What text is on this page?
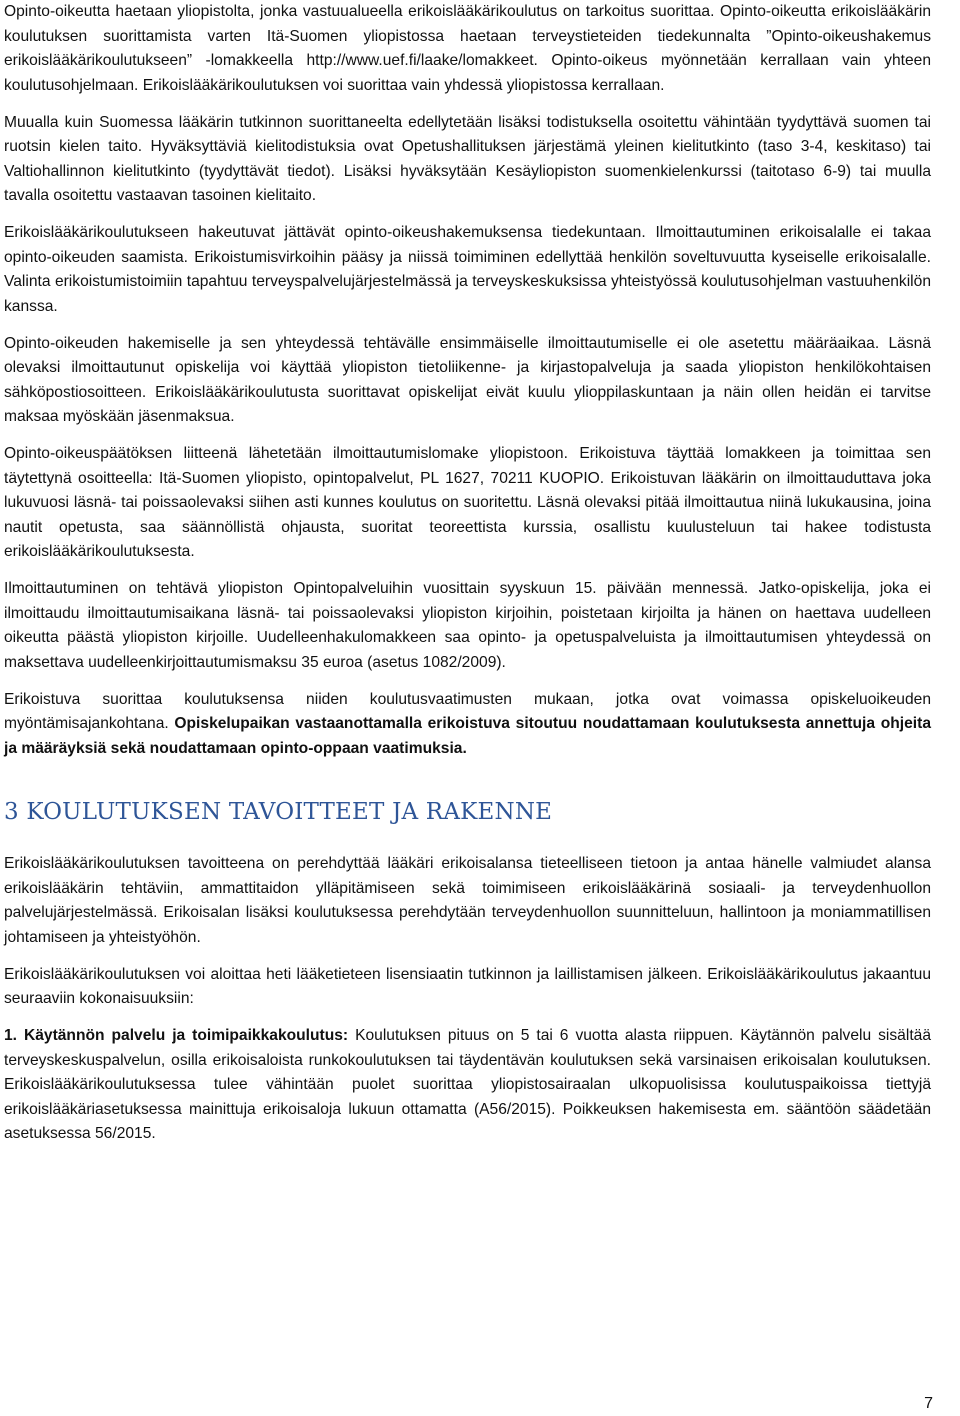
Opinto-oikeutta haetaan yliopistolta, jonka vastuualueella erikoislääkärikoulutus on tarkoitus suorittaa. Opinto-oikeutta erikoislääkärin koulutuksen suorittamista varten Itä-Suomen yliopistossa haetaan terveystieteiden tiedekunnalta ”Opinto-oikeushakemus erikoislääkärikoulutukseen” -lomakkeella http://www.uef.fi/laake/lomakkeet. Opinto-oikeus myönnetään kerrallaan vain yhteen koulutusohjelmaan. Erikoislääkärikoulutuksen voi suorittaa vain yhdessä yliopistossa kerrallaan.

Muualla kuin Suomessa lääkärin tutkinnon suorittaneelta edellytetään lisäksi todistuksella osoitettu vähintään tyydyttävä suomen tai ruotsin kielen taito. Hyväksyttäviä kielitodistuksia ovat Opetushallituksen järjestämä yleinen kielitutkinto (taso 3-4, keskitaso) tai Valtiohallinnon kielitutkinto (tyydyttävät tiedot). Lisäksi hyväksytään Kesäyliopiston suomenkielenkurssi (taitotaso 6-9) tai muulla tavalla osoitettu vastaavan tasoinen kielitaito.

Erikoislääkärikoulutukseen hakeutuvat jättävät opinto-oikeushakemuksensa tiedekuntaan. Ilmoittautuminen erikoisalalle ei takaa opinto-oikeuden saamista. Erikoistumisvirkoihin pääsy ja niissä toimiminen edellyttää henkilön soveltuvuutta kyseiselle erikoisalalle. Valinta erikoistumistoimiin tapahtuu terveyspalvelujärjestelmässä ja terveyskeskuksissa yhteistyössä koulutusohjelman vastuuhenkilön kanssa.

Opinto-oikeuden hakemiselle ja sen yhteydessä tehtävälle ensimmäiselle ilmoittautumiselle ei ole asetettu määräaikaa. Läsnä olevaksi ilmoittautunut opiskelija voi käyttää yliopiston tietoliikenne- ja kirjastopalveluja ja saada yliopiston henkilökohtaisen sähköpostiosoitteen. Erikoislääkärikoulutusta suorittavat opiskelijat eivät kuulu ylioppilaskuntaan ja näin ollen heidän ei tarvitse maksaa myöskään jäsenmaksua.

Opinto-oikeuspäätöksen liitteenä lähetetään ilmoittautumislomake yliopistoon. Erikoistuva täyttää lomakkeen ja toimittaa sen täytettynä osoitteella: Itä-Suomen yliopisto, opintopalvelut, PL 1627, 70211 KUOPIO. Erikoistuvan lääkärin on ilmoittauduttava joka lukuvuosi läsnä- tai poissaolevaksi siihen asti kunnes koulutus on suoritettu. Läsnä olevaksi pitää ilmoittautua niinä lukukausina, joina nautit opetusta, saa säännöllistä ohjausta, suoritat teoreettista kurssia, osallistu kuulusteluun tai hakee todistusta erikoislääkärikoulutuksesta.

Ilmoittautuminen on tehtävä yliopiston Opintopalveluihin vuosittain syyskuun 15. päivään mennessä. Jatko-opiskelija, joka ei ilmoittaudu ilmoittautumisaikana läsnä- tai poissaolevaksi yliopiston kirjoihin, poistetaan kirjoilta ja hänen on haettava uudelleen oikeutta päästä yliopiston kirjoille. Uudelleenhakulomakkeen saa opinto- ja opetuspalveluista ja ilmoittautumisen yhteydessä on maksettava uudelleenkirjoittautumismaksu 35 euroa (asetus 1082/2009).

Erikoistuva suorittaa koulutuksensa niiden koulutusvaatimusten mukaan, jotka ovat voimassa opiskeluoikeuden myöntämisajankohtana. Opiskelupaikan vastaanottamalla erikoistuva sitoutuu noudattamaan koulutuksesta annettuja ohjeita ja määräyksiä sekä noudattamaan opinto-oppaan vaatimuksia.

3 KOULUTUKSEN TAVOITTEET JA RAKENNE

Erikoislääkärikoulutuksen tavoitteena on perehdyttää lääkäri erikoisalansa tieteelliseen tietoon ja antaa hänelle valmiudet alansa erikoislääkärin tehtäviin, ammattitaidon ylläpitämiseen sekä toimimiseen erikoislääkärinä sosiaali- ja terveydenhuollon palvelujärjestelmässä. Erikoisalan lisäksi koulutuksessa perehdytään terveydenhuollon suunnitteluun, hallintoon ja moniammatillisen johtamiseen ja yhteistyöhön.

Erikoislääkärikoulutuksen voi aloittaa heti lääketieteen lisensiaatin tutkinnon ja laillistamisen jälkeen. Erikoislääkärikoulutus jakaantuu seuraaviin kokonaisuuksiin:

1. Käytännön palvelu ja toimipaikkakoulutus: Koulutuksen pituus on 5 tai 6 vuotta alasta riippuen. Käytännön palvelu sisältää terveyskeskuspalvelun, osilla erikoisaloista runkokoulutuksen tai täydentävän koulutuksen sekä varsinaisen erikoisalan koulutuksen. Erikoislääkärikoulutuksessa tulee vähintään puolet suorittaa yliopistosairaalan ulkopuolisissa koulutuspaikoissa tiettyjä erikoislääkäriasetuksessa mainittuja erikoisaloja lukuun ottamatta (A56/2015). Poikkeuksen hakemisesta em. sääntöön säädetään asetuksessa 56/2015.

7
